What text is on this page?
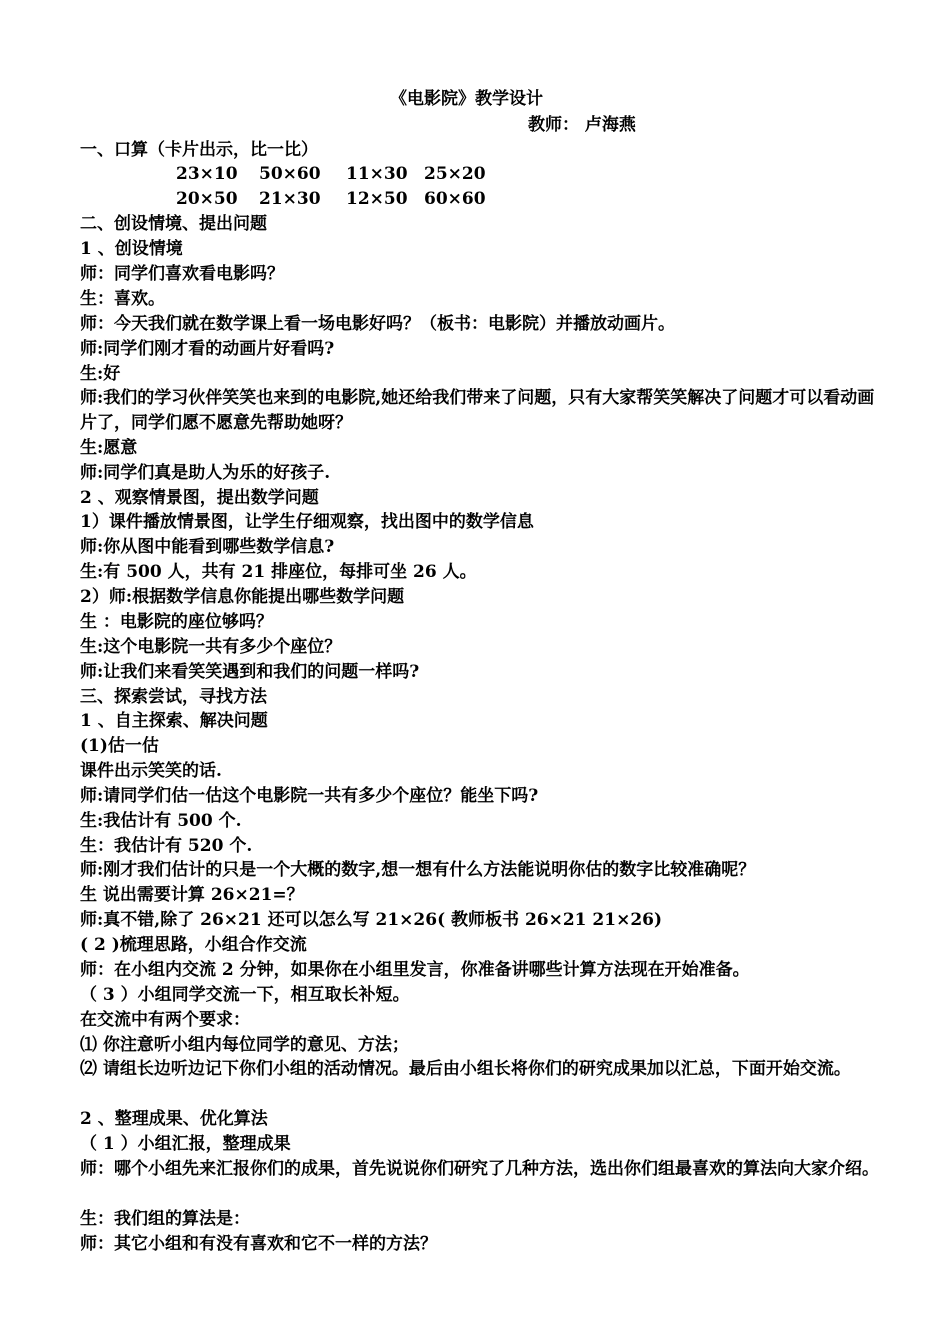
《电影院》教学设计
教师： 卢海燕
一、口算（卡片出示，比一比）
23×10 50×60 11×30 25×20
20×50 21×30 12×50 60×60
二、创设情境、提出问题
1 、创设情境
师：同学们喜欢看电影吗？
生：喜欢。
师：今天我们就在数学课上看一场电影好吗？（板书：电影院）并播放动画片。
师:同学们刚才看的动画片好看吗?
生:好
师:我们的学习伙伴笑笑也来到的电影院,她还给我们带来了问题，只有大家帮笑笑解决了问题才可以看动画片了，同学们愿不愿意先帮助她呀？
生:愿意
师:同学们真是助人为乐的好孩子.
2 、观察情景图，提出数学问题
1）课件播放情景图，让学生仔细观察，找出图中的数学信息
师:你从图中能看到哪些数学信息?
生:有 500 人，共有 21 排座位，每排可坐 26 人。
2）师:根据数学信息你能提出哪些数学问题
生 ：电影院的座位够吗？
生:这个电影院一共有多少个座位？
师:让我们来看笑笑遇到和我们的问题一样吗?
三、探索尝试，寻找方法
1 、自主探索、解决问题
(1)估一估
课件出示笑笑的话.
师:请同学们估一估这个电影院一共有多少个座位？能坐下吗?
生:我估计有 500 个.
生：我估计有 520 个.
师:刚才我们估计的只是一个大概的数字,想一想有什么方法能说明你估的数字比较准确呢？
生 说出需要计算 26×21=？
师:真不错,除了 26×21 还可以怎么写 21×26( 教师板书 26×21 21×26)
( 2 )梳理思路，小组合作交流
师：在小组内交流 2 分钟，如果你在小组里发言，你准备讲哪些计算方法现在开始准备。
（ 3 ）小组同学交流一下，相互取长补短。
在交流中有两个要求：
⑴ 你注意听小组内每位同学的意见、方法；
⑵ 请组长边听边记下你们小组的活动情况。最后由小组长将你们的研究成果加以汇总，下面开始交流。
2 、整理成果、优化算法
（ 1 ）小组汇报，整理成果
师：哪个小组先来汇报你们的成果，首先说说你们研究了几种方法，选出你们组最喜欢的算法向大家介绍。
生：我们组的算法是：
师：其它小组和有没有喜欢和它不一样的方法？
